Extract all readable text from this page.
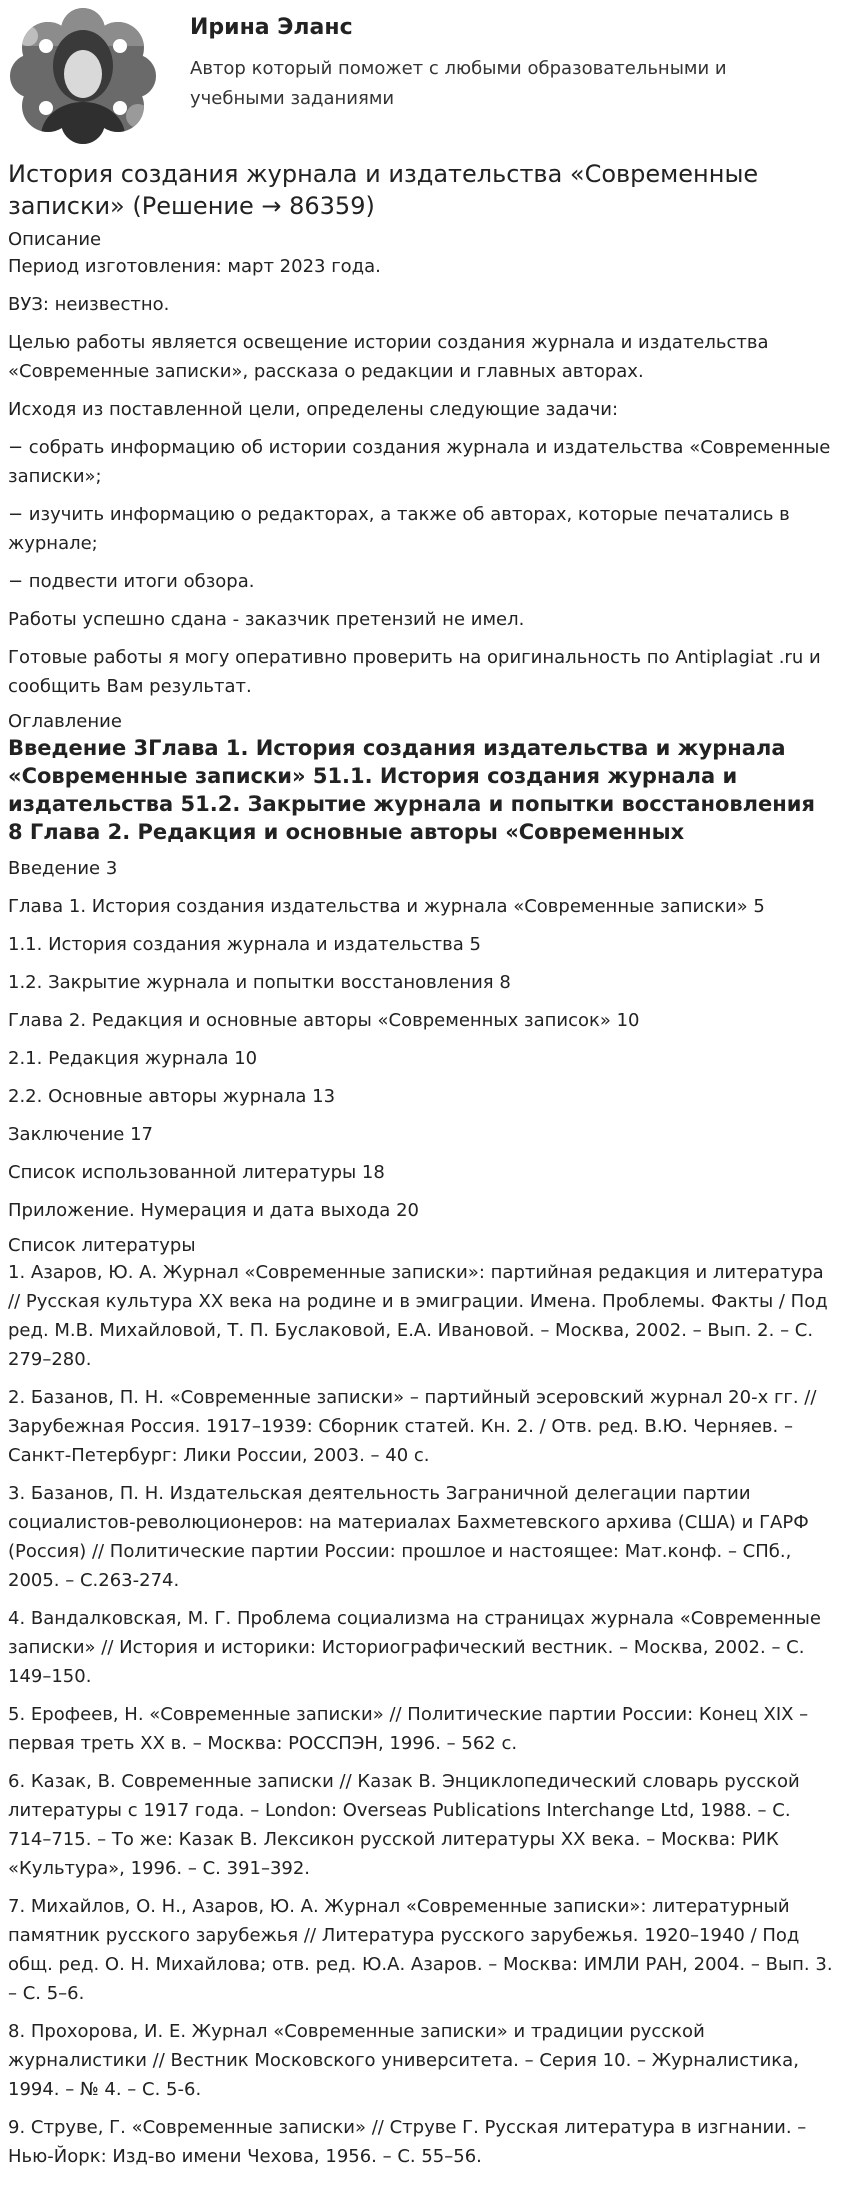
Ирина Эланс
Автор который поможет с любыми образовательными и учебными заданиями
История создания журнала и издательства «Современные записки» (Решение → 86359)
Описание

Период изготовления: март 2023 года.

ВУЗ: неизвестно.

Целью работы является освещение истории создания журнала и издательства «Современные записки», рассказа о редакции и главных авторах.

Исходя из поставленной цели, определены следующие задачи:

− собрать информацию об истории создания журнала и издательства «Современные записки»;

− изучить информацию о редакторах, а также об авторах, которые печатались в журнале;

− подвести итоги обзора.

Работы успешно сдана - заказчик претензий не имел.

Готовые работы я могу оперативно проверить на оригинальность по Antiplagiat .ru и сообщить Вам результат.

Оглавление
Введение 3Глава 1. История создания издательства и журнала «Современные записки» 51.1. История создания журнала и издательства 51.2. Закрытие журнала и попытки восстановления 8 Глава 2. Редакция и основные авторы «Современных

Введение 3

Глава 1. История создания издательства и журнала «Современные записки» 5

1.1. История создания журнала и издательства 5

1.2. Закрытие журнала и попытки восстановления 8

Глава 2. Редакция и основные авторы «Современных записок» 10

2.1. Редакция журнала 10

2.2. Основные авторы журнала 13

Заключение 17

Список использованной литературы 18

Приложение. Нумерация и дата выхода 20

Список литературы

1. Азаров, Ю. А. Журнал «Современные записки»: партийная редакция и литература // Русская культура XX века на родине и в эмиграции. Имена. Проблемы. Факты / Под ред. М.В. Михайловой, Т. П. Буслаковой, Е.А. Ивановой. – Москва, 2002. – Вып. 2. – С. 279–280.

2. Базанов, П. Н. «Современные записки» – партийный эсеровский журнал 20-х гг. // Зарубежная Россия. 1917–1939: Сборник статей. Кн. 2. / Отв. ред. В.Ю. Черняев. – Санкт-Петербург: Лики России, 2003. – 40 с.

3. Базанов, П. Н. Издательская деятельность Заграничной делегации партии социалистов-революционеров: на материалах Бахметевского архива (США) и ГАРФ (Россия) // Политические партии России: прошлое и настоящее: Мат.конф. – СПб., 2005. – С.263-274.

4. Вандалковская, М. Г. Проблема социализма на страницах журнала «Современные записки» // История и историки: Историографический вестник. – Москва, 2002. – С. 149–150.

5. Ерофеев, Н. «Современные записки» // Политические партии России: Конец XIX – первая треть XX в. – Москва: РОССПЭН, 1996. – 562 с.

6. Казак, В. Современные записки // Казак В. Энциклопедический словарь русской литературы с 1917 года. – London: Overseas Publications Interchange Ltd, 1988. – С. 714–715. – То же: Казак В. Лексикон русской литературы XX века. – Москва: РИК «Культура», 1996. – С. 391–392.

7. Михайлов, О. Н., Азаров, Ю. А. Журнал «Современные записки»: литературный памятник русского зарубежья // Литература русского зарубежья. 1920–1940 / Под общ. ред. О. Н. Михайлова; отв. ред. Ю.А. Азаров. – Москва: ИМЛИ РАН, 2004. – Вып. 3. – С. 5–6.

8. Прохорова, И. Е. Журнал «Современные записки» и традиции русской журналистики // Вестник Московского университета. – Серия 10. – Журналистика, 1994. – № 4. – С. 5-6.

9. Струве, Г. «Современные записки» // Струве Г. Русская литература в изгнании. – Нью-Йорк: Изд-во имени Чехова, 1956. – С. 55–56.
